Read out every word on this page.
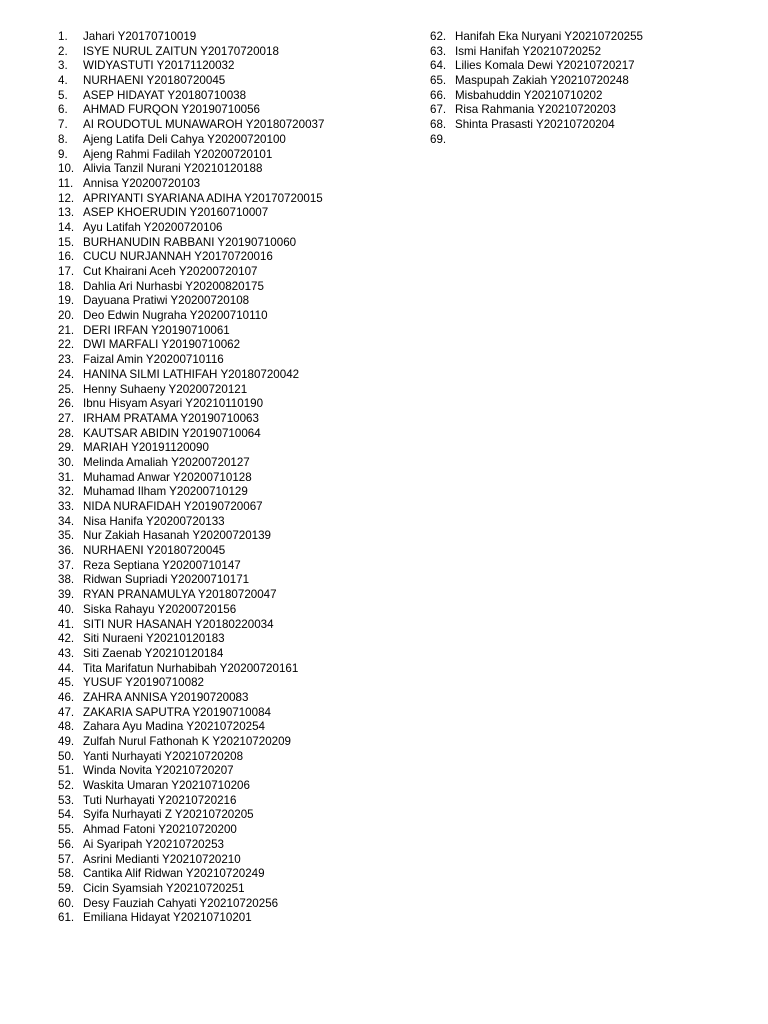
1. Jahari Y20170710019
2. ISYE NURUL ZAITUN Y20170720018
3. WIDYASTUTI Y20171120032
4. NURHAENI Y20180720045
5. ASEP HIDAYAT Y20180710038
6. AHMAD FURQON Y20190710056
7. AI ROUDOTUL MUNAWAROH Y20180720037
8. Ajeng Latifa Deli Cahya Y20200720100
9. Ajeng Rahmi Fadilah Y20200720101
10. Alivia Tanzil Nurani Y20210120188
11. Annisa Y20200720103
12. APRIYANTI SYARIANA ADIHA Y20170720015
13. ASEP KHOERUDIN Y20160710007
14. Ayu Latifah Y20200720106
15. BURHANUDIN RABBANI Y20190710060
16. CUCU NURJANNAH Y20170720016
17. Cut Khairani Aceh Y20200720107
18. Dahlia Ari Nurhasbi Y20200820175
19. Dayuana Pratiwi Y20200720108
20. Deo Edwin Nugraha Y20200710110
21. DERI IRFAN Y20190710061
22. DWI MARFALI Y20190710062
23. Faizal Amin Y20200710116
24. HANINA SILMI LATHIFAH Y20180720042
25. Henny Suhaeny Y20200720121
26. Ibnu Hisyam Asyari Y20210110190
27. IRHAM PRATAMA Y20190710063
28. KAUTSAR ABIDIN Y20190710064
29. MARIAH Y20191120090
30. Melinda Amaliah Y20200720127
31. Muhamad Anwar Y20200710128
32. Muhamad Ilham Y20200710129
33. NIDA NURAFIDAH Y20190720067
34. Nisa Hanifa Y20200720133
35. Nur Zakiah Hasanah Y20200720139
36. NURHAENI Y20180720045
37. Reza Septiana Y20200710147
38. Ridwan Supriadi Y20200710171
39. RYAN PRANAMULYA Y20180720047
40. Siska Rahayu Y20200720156
41. SITI NUR HASANAH Y20180220034
42. Siti Nuraeni Y20210120183
43. Siti Zaenab Y20210120184
44. Tita Marifatun Nurhabibah Y20200720161
45. YUSUF Y20190710082
46. ZAHRA ANNISA Y20190720083
47. ZAKARIA SAPUTRA Y20190710084
48. Zahara Ayu Madina Y20210720254
49. Zulfah Nurul Fathonah K Y20210720209
50. Yanti Nurhayati Y20210720208
51. Winda Novita Y20210720207
52. Waskita Umaran Y20210710206
53. Tuti Nurhayati Y20210720216
54. Syifa Nurhayati Z Y20210720205
55. Ahmad Fatoni Y20210720200
56. Ai Syaripah Y20210720253
57. Asrini Medianti Y20210720210
58. Cantika Alif Ridwan Y20210720249
59. Cicin Syamsiah Y20210720251
60. Desy Fauziah Cahyati Y20210720256
61. Emiliana Hidayat Y20210710201
62. Hanifah Eka Nuryani Y20210720255
63. Ismi Hanifah Y20210720252
64. Lilies Komala Dewi Y20210720217
65. Maspupah Zakiah Y20210720248
66. Misbahuddin Y20210710202
67. Risa Rahmania Y20210720203
68. Shinta Prasasti Y20210720204
69.
